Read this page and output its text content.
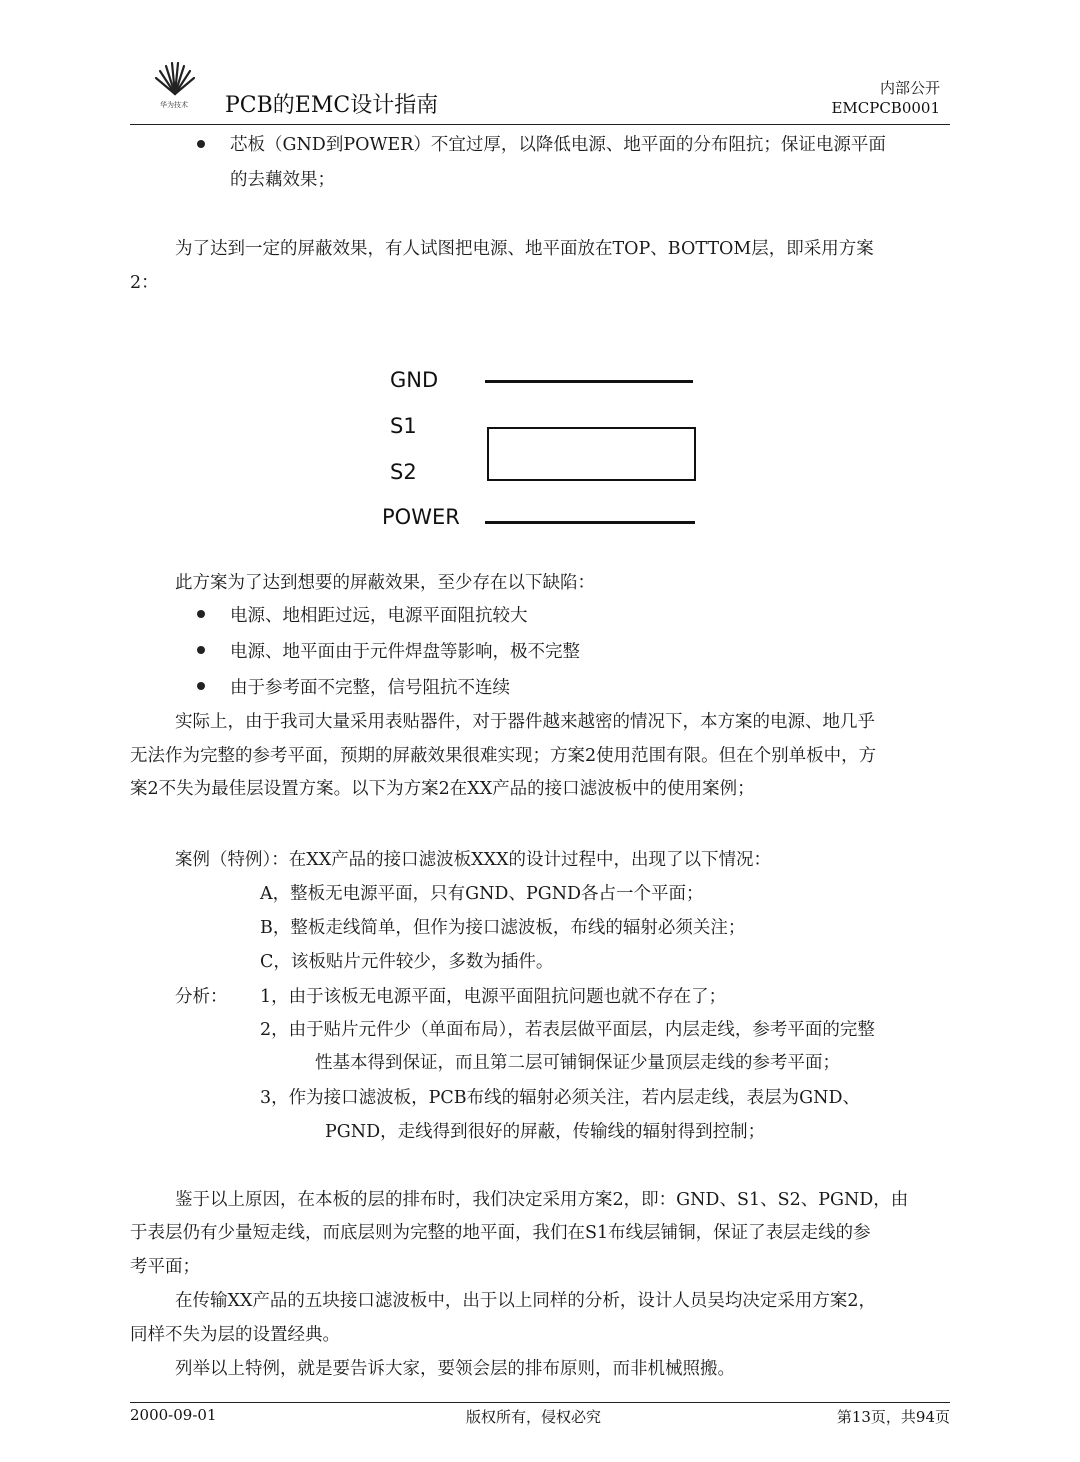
华为技术 PCB的EMC设计指南
内部公开
EMCPCB0001
芯板（GND到POWER）不宜过厚，以降低电源、地平面的分布阻抗；保证电源平面
的去藕效果；
为了达到一定的屏蔽效果，有人试图把电源、地平面放在TOP、BOTTOM层，即采用方案
2：
GND
S1
S2
POWER
此方案为了达到想要的屏蔽效果，至少存在以下缺陷：
电源、地相距过远，电源平面阻抗较大
电源、地平面由于元件焊盘等影响，极不完整
由于参考面不完整，信号阻抗不连续
实际上，由于我司大量采用表贴器件，对于器件越来越密的情况下，本方案的电源、地几乎
无法作为完整的参考平面，预期的屏蔽效果很难实现；方案2使用范围有限。但在个别单板中，方
案2不失为最佳层设置方案。以下为方案2在XX产品的接口滤波板中的使用案例；
案例（特例）：在XX产品的接口滤波板XXX的设计过程中，出现了以下情况：
A，整板无电源平面，只有GND、PGND各占一个平面；
B，整板走线简单，但作为接口滤波板，布线的辐射必须关注；
C，该板贴片元件较少，多数为插件。
分析： 1，由于该板无电源平面，电源平面阻抗问题也就不存在了；
2，由于贴片元件少（单面布局），若表层做平面层，内层走线，参考平面的完整
性基本得到保证，而且第二层可铺铜保证少量顶层走线的参考平面；
3，作为接口滤波板，PCB布线的辐射必须关注，若内层走线，表层为GND、
PGND，走线得到很好的屏蔽，传输线的辐射得到控制；
鉴于以上原因，在本板的层的排布时，我们决定采用方案2，即：GND、S1、S2、PGND，由
于表层仍有少量短走线，而底层则为完整的地平面，我们在S1布线层铺铜，保证了表层走线的参
考平面；
在传输XX产品的五块接口滤波板中，出于以上同样的分析，设计人员吴均决定采用方案2，
同样不失为层的设置经典。
列举以上特例，就是要告诉大家，要领会层的排布原则，而非机械照搬。
2000-09-01	版权所有，侵权必究	第13页，共94页
